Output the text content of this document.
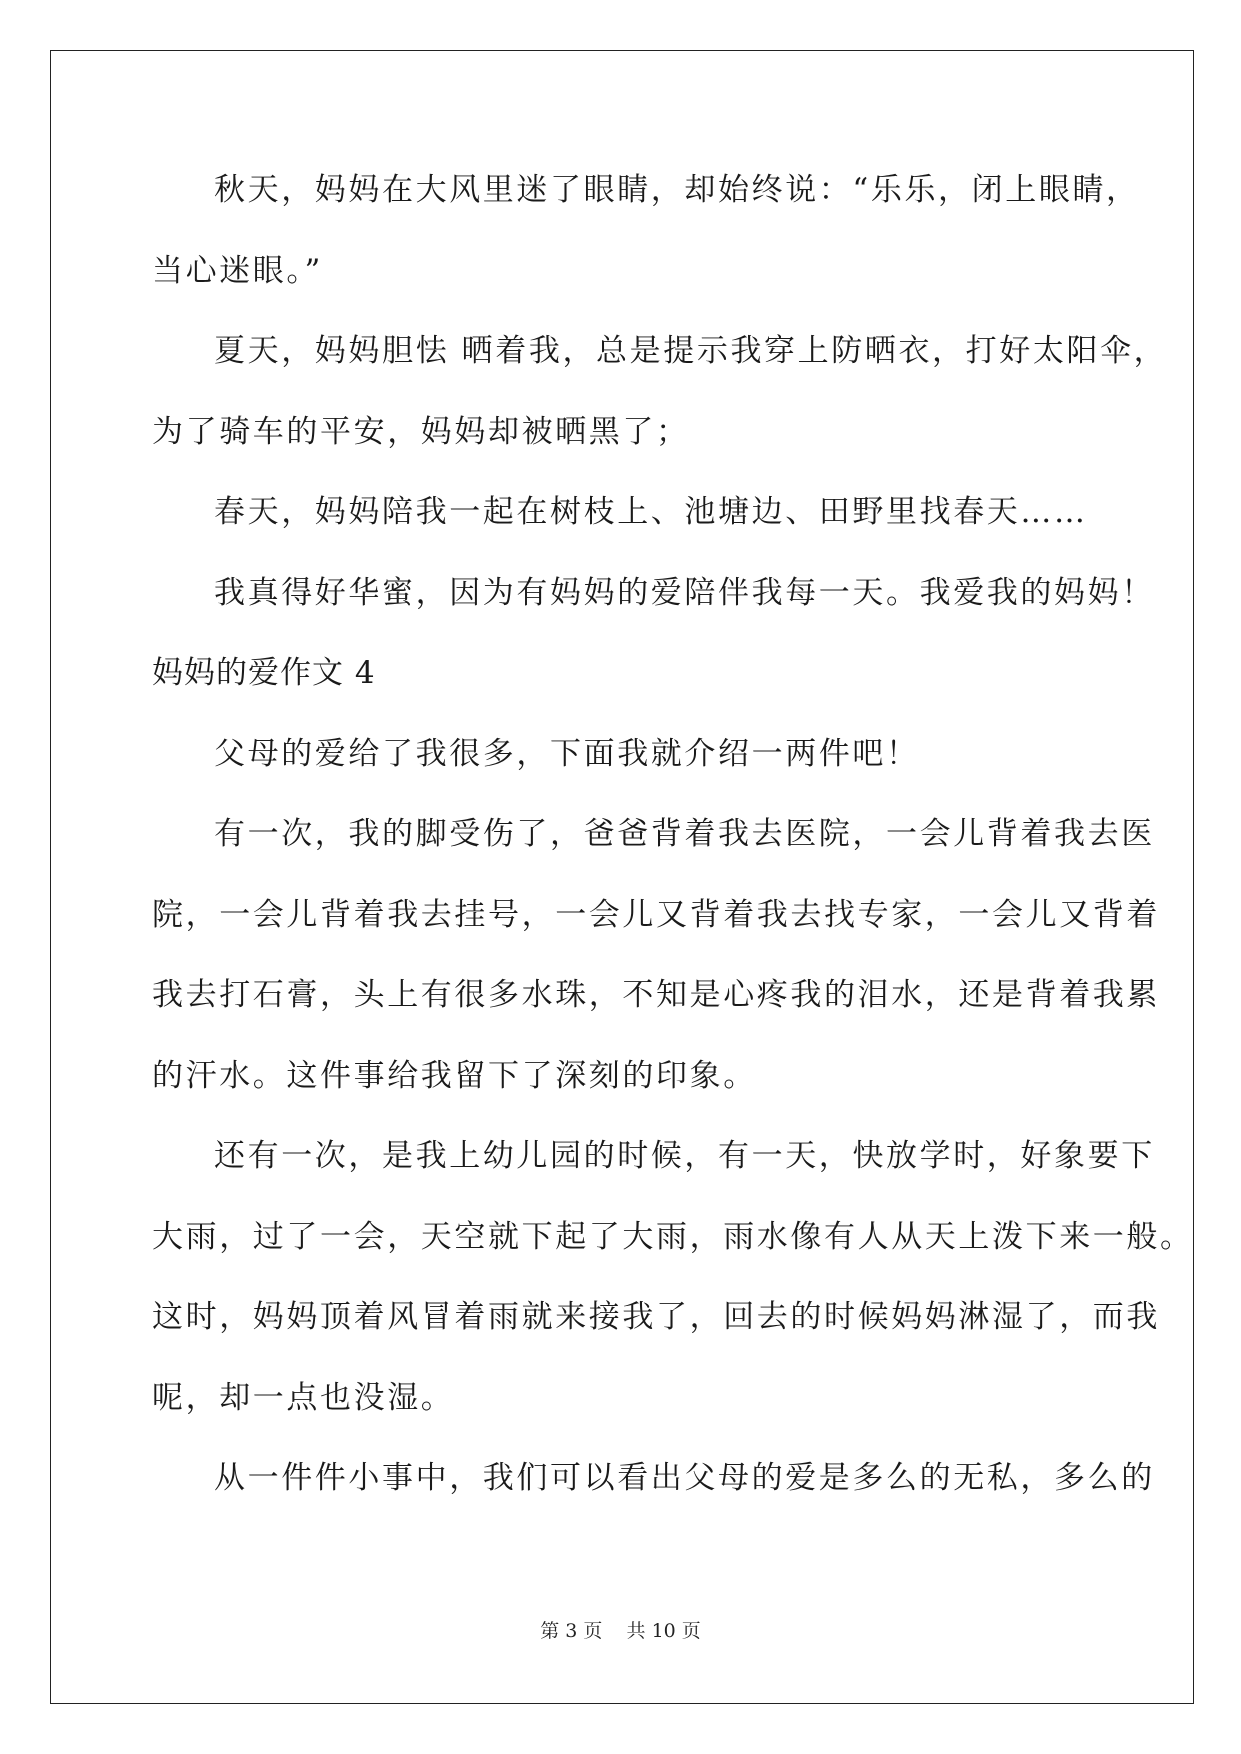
秋天，妈妈在大风里迷了眼睛，却始终说：“乐乐，闭上眼睛，
当心迷眼。”
夏天，妈妈胆怯 晒着我，总是提示我穿上防晒衣，打好太阳伞，
为了骑车的平安，妈妈却被晒黑了；
春天，妈妈陪我一起在树枝上、池塘边、田野里找春天……
我真得好华蜜，因为有妈妈的爱陪伴我每一天。我爱我的妈妈！
妈妈的爱作文 4
父母的爱给了我很多，下面我就介绍一两件吧！
有一次，我的脚受伤了，爸爸背着我去医院，一会儿背着我去医
院，一会儿背着我去挂号，一会儿又背着我去找专家，一会儿又背着
我去打石膏，头上有很多水珠，不知是心疼我的泪水，还是背着我累
的汗水。这件事给我留下了深刻的印象。
还有一次，是我上幼儿园的时候，有一天，快放学时，好象要下
大雨，过了一会，天空就下起了大雨，雨水像有人从天上泼下来一般。
这时，妈妈顶着风冒着雨就来接我了，回去的时候妈妈淋湿了，而我
呢，却一点也没湿。
从一件件小事中，我们可以看出父母的爱是多么的无私，多么的
第 3 页    共 10 页
